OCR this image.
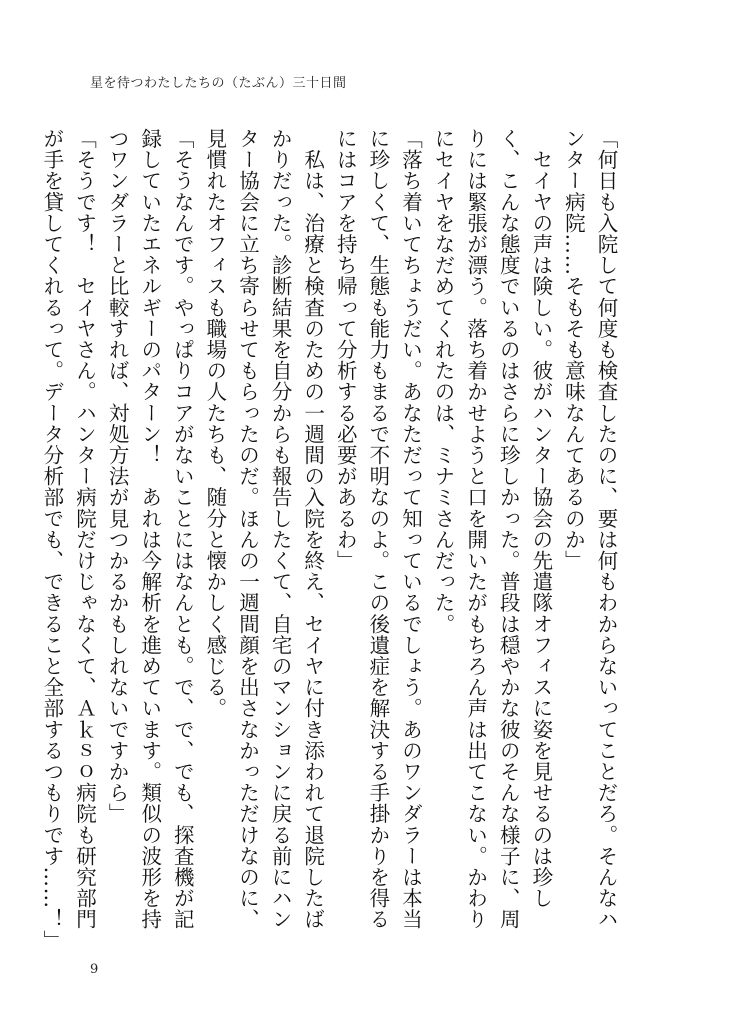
星を待つわたしたちの（たぶん）三十日間

「何日も入院して何度も検査したのに、要は何もわからないってことだろ。そんなハンター病院……そもそも意味なんてあるのか」

　セイヤの声は険しい。彼がハンター協会の先遣隊オフィスに姿を見せるのは珍しく、こんな態度でいるのはさらに珍しかった。普段は穏やかな彼のそんな様子に、周りには緊張が漂う。落ち着かせようと口を開いたがもちろん声は出てこない。かわりにセイヤをなだめてくれたのは、ミナミさんだった。

「落ち着いてちょうだい。あなただって知っているでしょう。あのワンダラーは本当に珍しくて、生態も能力もまるで不明なのよ。この後遺症を解決する手掛かりを得るにはコアを持ち帰って分析する必要があるわ」

　私は、治療と検査のための一週間の入院を終え、セイヤに付き添われて退院したばかりだった。診断結果を自分からも報告したくて、自宅のマンションに戻る前にハンター協会に立ち寄らせてもらったのだ。ほんの一週間顔を出さなかっただけなのに、見慣れたオフィスも職場の人たちも、随分と懐かしく感じる。

「そうなんです。やっぱりコアがないことにはなんとも。で、で、でも、探査機が記録していたエネルギーのパターン！　あれは今解析を進めています。類似の波形を持つワンダラーと比較すれば、対処方法が見つかるかもしれないですから」

「そうです！　セイヤさん。ハンター病院だけじゃなくて、Ａｋｓｏ病院も研究部門が手を貸してくれるって。データ分析部でも、できること全部するつもりです……！」

9
